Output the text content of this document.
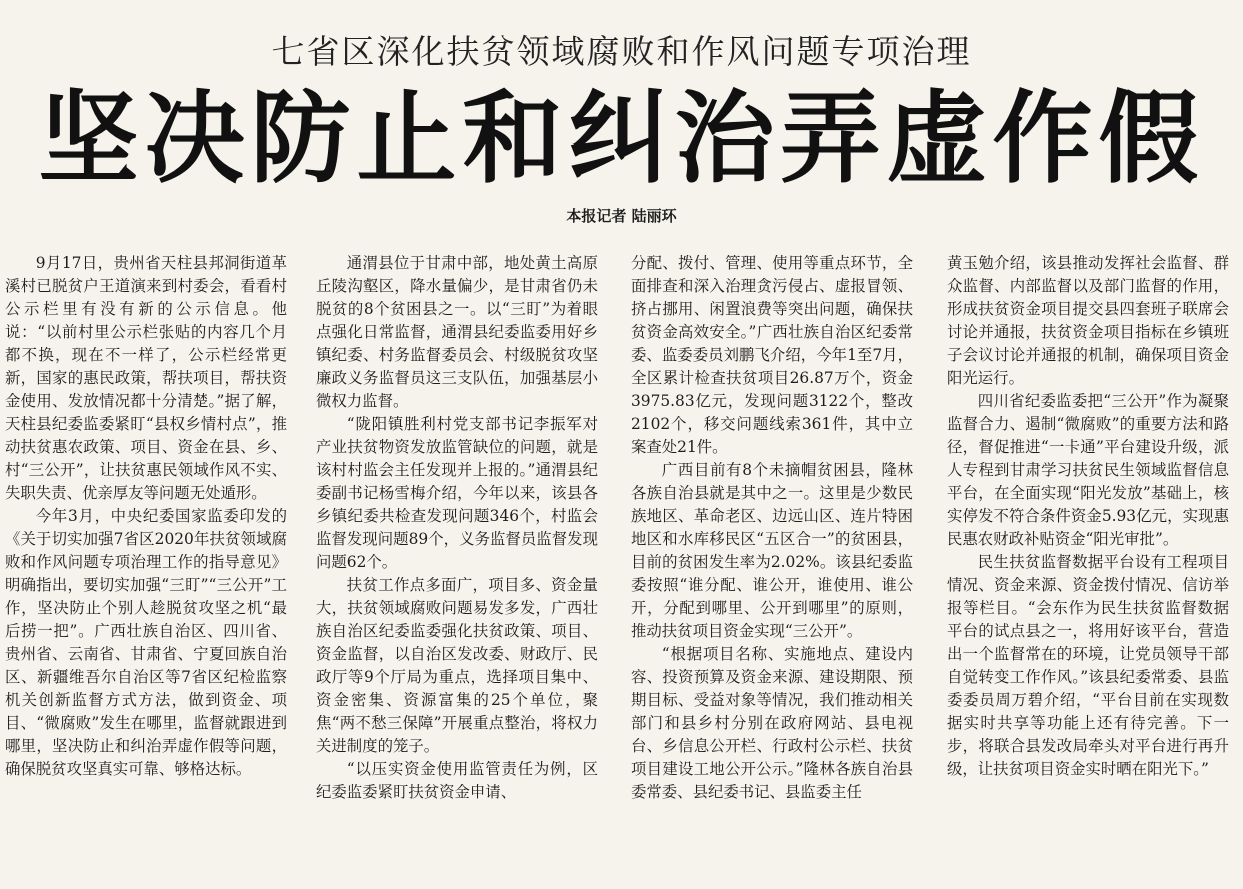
七省区深化扶贫领域腐败和作风问题专项治理
坚决防止和纠治弄虚作假
本报记者 陆丽环

9月17日，贵州省天柱县邦洞街道革溪村已脱贫户王道演来到村委会，看看村公示栏里有没有新的公示信息。他说：“以前村里公示栏张贴的内容几个月都不换，现在不一样了，公示栏经常更新，国家的惠民政策，帮扶项目，帮扶资金使用、发放情况都十分清楚。”据了解，天柱县纪委监委紧盯“县权乡情村点”，推动扶贫惠农政策、项目、资金在县、乡、村“三公开”，让扶贫惠民领域作风不实、失职失责、优亲厚友等问题无处遁形。

今年3月，中央纪委国家监委印发的《关于切实加强7省区2020年扶贫领域腐败和作风问题专项治理工作的指导意见》明确指出，要切实加强“三盯”“三公开”工作，坚决防止个别人趁脱贫攻坚之机“最后捞一把”。广西壮族自治区、四川省、贵州省、云南省、甘肃省、宁夏回族自治区、新疆维吾尔自治区等7省区纪检监察机关创新监督方式方法，做到资金、项目、“微腐败”发生在哪里，监督就跟进到哪里，坚决防止和纠治弄虚作假等问题，确保脱贫攻坚真实可靠、够格达标。

通渭县位于甘肃中部，地处黄土高原丘陵沟壑区，降水量偏少，是甘肃省仍未脱贫的8个贫困县之一。以“三盯”为着眼点强化日常监督，通渭县纪委监委用好乡镇纪委、村务监督委员会、村级脱贫攻坚廉政义务监督员这三支队伍，加强基层小微权力监督。

“陇阳镇胜利村党支部书记李振军对产业扶贫物资发放监管缺位的问题，就是该村村监会主任发现并上报的。”通渭县纪委副书记杨雪梅介绍，今年以来，该县各乡镇纪委共检查发现问题346个，村监会监督发现问题89个，义务监督员监督发现问题62个。

扶贫工作点多面广，项目多、资金量大，扶贫领域腐败问题易发多发，广西壮族自治区纪委监委强化扶贫政策、项目、资金监督，以自治区发改委、财政厅、民政厅等9个厅局为重点，选择项目集中、资金密集、资源富集的25个单位，聚焦“两不愁三保障”开展重点整治，将权力关进制度的笼子。

“以压实资金使用监管责任为例，区纪委监委紧盯扶贫资金申请、

分配、拨付、管理、使用等重点环节，全面排查和深入治理贪污侵占、虚报冒领、挤占挪用、闲置浪费等突出问题，确保扶贫资金高效安全。”广西壮族自治区纪委常委、监委委员刘鹏飞介绍，今年1至7月，全区累计检查扶贫项目26.87万个，资金3975.83亿元，发现问题3122个，整改2102个，移交问题线索361件，其中立案查处21件。

广西目前有8个未摘帽贫困县，隆林各族自治县就是其中之一。这里是少数民族地区、革命老区、边远山区、连片特困地区和水库移民区“五区合一”的贫困县，目前的贫困发生率为2.02%。该县纪委监委按照“谁分配、谁公开，谁使用、谁公开，分配到哪里、公开到哪里”的原则，推动扶贫项目资金实现“三公开”。

“根据项目名称、实施地点、建设内容、投资预算及资金来源、建设期限、预期目标、受益对象等情况，我们推动相关部门和县乡村分别在政府网站、县电视台、乡信息公开栏、行政村公示栏、扶贫项目建设工地公开公示。”隆林各族自治县委常委、县纪委书记、县监委主任

黄玉勉介绍，该县推动发挥社会监督、群众监督、内部监督以及部门监督的作用，形成扶贫资金项目提交县四套班子联席会讨论并通报，扶贫资金项目指标在乡镇班子会议讨论并通报的机制，确保项目资金阳光运行。

四川省纪委监委把“三公开”作为凝聚监督合力、遏制“微腐败”的重要方法和路径，督促推进“一卡通”平台建设升级，派人专程到甘肃学习扶贫民生领域监督信息平台，在全面实现“阳光发放”基础上，核实停发不符合条件资金5.93亿元，实现惠民惠农财政补贴资金“阳光审批”。

民生扶贫监督数据平台设有工程项目情况、资金来源、资金拨付情况、信访举报等栏目。“会东作为民生扶贫监督数据平台的试点县之一，将用好该平台，营造出一个监督常在的环境，让党员领导干部自觉转变工作作风。”该县纪委常委、县监委委员周万碧介绍，“平台目前在实现数据实时共享等功能上还有待完善。下一步，将联合县发改局牵头对平台进行再升级，让扶贫项目资金实时晒在阳光下。”
